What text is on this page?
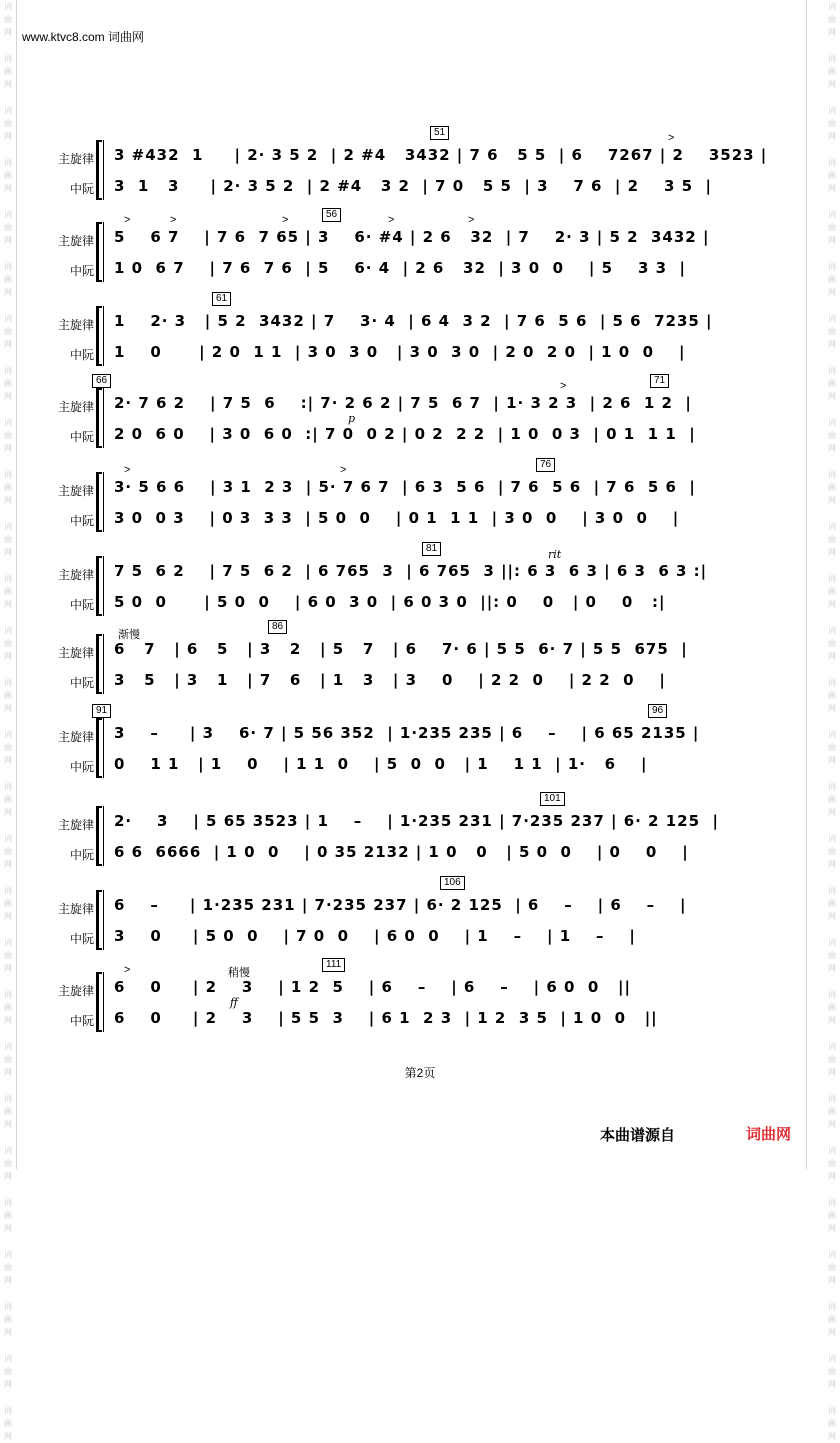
www.ktvc8.com 词曲网
词
曲
网

词
曲
网

词
曲
网

词
曲
网

词
曲
网

词
曲
网

词
曲
网

词
曲
网

词
曲
网

词
曲
网

词
曲
网

词
曲
网

词
曲
网

词
曲
网

词
曲
网

词
曲
网

词
曲
网

词
曲
网

词
曲
网

词
曲
网

词
曲
网

词
曲
网

词
曲
网

词
曲
网

词
曲
网

词
曲
网

词
曲
网

词
曲
网

词
曲
网

词
曲
网

词
曲
网

词
曲
网

词
曲
网

词
曲
网

词
曲
网

词
曲
网

词
曲
网

词
曲
网

词
曲
网

词
曲
网

词
曲
网

词
曲
网

词
曲
网

词
曲
网

词
曲
网

词
曲
网

词
曲
网

词
曲
网

词
曲
网

词
曲
网

词
曲
网

词
曲
网

词
曲
网

词
曲
网

词
曲
网

词
曲
网

主旋律
中阮
3 #432  1     | 2· 3 5 2  | 2 #4   3432 | 7 6   5 5  | 6    7267 | 2    3523 |
3  1   3     | 2· 3 5 2  | 2 #4   3 2  | 7 0   5 5  | 3    7 6  | 2    3 5  |
51	>
主旋律
中阮
5    6 7    | 7 6  7 65 | 3    6· #4 | 2 6   32  | 7    2· 3 | 5 2  3432 |
1 0  6 7    | 7 6  7 6  | 5    6· 4  | 2 6   32  | 3 0  0    | 5    3 3  |
56
>	>	>	>	>
主旋律
中阮
1    2· 3   | 5 2  3432 | 7    3· 4  | 6 4  3 2  | 7 6  5 6  | 5 6  7235 |
1    0      | 2 0  1 1  | 3 0  3 0   | 3 0  3 0  | 2 0  2 0  | 1 0  0    |
61
主旋律
中阮
2· 7 6 2    | 7 5  6    :| 7· 2 6 2 | 7 5  6 7  | 1· 3 2 3  | 2 6  1 2  |
2 0  6 0    | 3 0  6 0  :| 7 0  0 2 | 0 2  2 2  | 1 0  0 3  | 0 1  1 1  |
66	71
>
p
主旋律
中阮
3· 5 6 6    | 3 1  2 3  | 5· 7 6 7  | 6 3  5 6  | 7 6  5 6  | 7 6  5 6  |
3 0  0 3    | 0 3  3 3  | 5 0  0    | 0 1  1 1  | 3 0  0    | 3 0  0    |
76
>	>
主旋律
中阮
7 5  6 2    | 7 5  6 2  | 6 765  3  | 6 765  3 ||: 6 3  6 3 | 6 3  6 3 :|
5 0  0      | 5 0  0    | 6 0  3 0  | 6 0 3 0  ||: 0    0   | 0    0   :|
81	rit
主旋律
中阮
6   7   | 6   5   | 3   2   | 5   7   | 6    7· 6 | 5 5  6· 7 | 5 5  675  |
3   5   | 3   1   | 7   6   | 1   3   | 3    0    | 2 2  0    | 2 2  0    |
86
渐慢
主旋律
中阮
3    –     | 3    6· 7 | 5 56 352  | 1·235 235 | 6    –    | 6 65 2135 |
0    1 1   | 1    0    | 1 1  0    | 5  0  0   | 1    1 1  | 1·   6    |
91	96
主旋律
中阮
2·    3    | 5 65 3523 | 1    –    | 1·235 231 | 7·235 237 | 6· 2 125  |
6 6  6666  | 1 0  0    | 0 35 2132 | 1 0   0   | 5 0  0    | 0    0    |
101
主旋律
中阮
6    –     | 1·235 231 | 7·235 237 | 6· 2 125  | 6    –    | 6    –    |
3    0     | 5 0  0    | 7 0  0    | 6 0  0    | 1    –    | 1    –    |
106
主旋律
中阮
6    0     | 2    3    | 1 2  5    | 6    –    | 6    –    | 6 0  0   ||
6    0     | 2    3    | 5 5  3    | 6 1  2 3  | 1 2  3 5  | 1 0  0   ||
111
>	稍慢
ff
第2页
本曲谱源自	词曲网
